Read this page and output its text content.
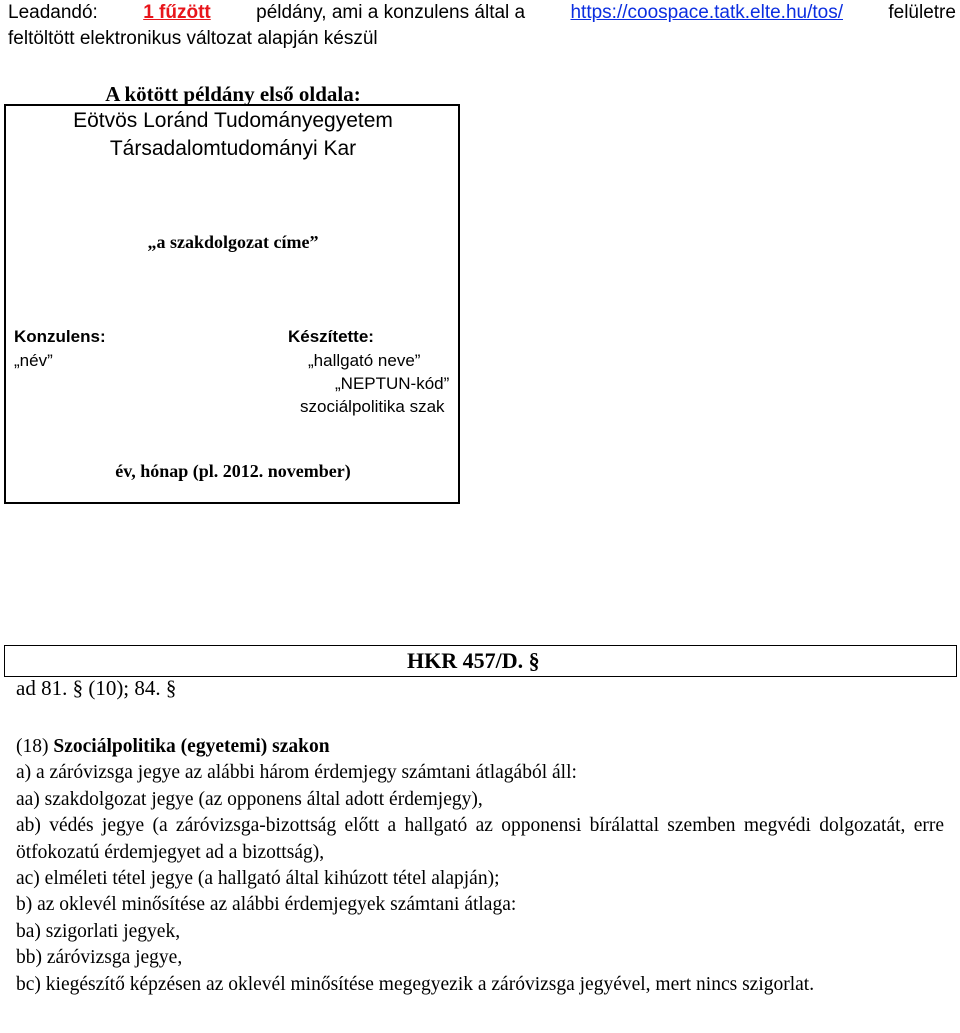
Leadandó: 1 fűzött példány, ami a konzulens által a https://coospace.tatk.elte.hu/tos/ felületre
feltöltött elektronikus változat alapján készül
A kötött példány első oldala:
Eötvös Loránd Tudományegyetem
Társadalomtudományi Kar
„a szakdolgozat címe”
Konzulens:
„név”
Készítette:
„hallgató neve”
„NEPTUN-kód”
szociálpolitika szak
év, hónap (pl. 2012. november)
HKR 457/D. §
ad 81. § (10); 84. §

(18) Szociálpolitika (egyetemi) szakon

a) a záróvizsga jegye az alábbi három érdemjegy számtani átlagából áll:

aa) szakdolgozat jegye (az opponens által adott érdemjegy),

ab) védés jegye (a záróvizsga-bizottság előtt a hallgató az opponensi bírálattal szemben megvédi dolgozatát, erre ötfokozatú érdemjegyet ad a bizottság),

ac) elméleti tétel jegye (a hallgató által kihúzott tétel alapján);

b) az oklevél minősítése az alábbi érdemjegyek számtani átlaga:

ba) szigorlati jegyek,

bb) záróvizsga jegye,

bc) kiegészítő képzésen az oklevél minősítése megegyezik a záróvizsga jegyével, mert nincs szigorlat.
